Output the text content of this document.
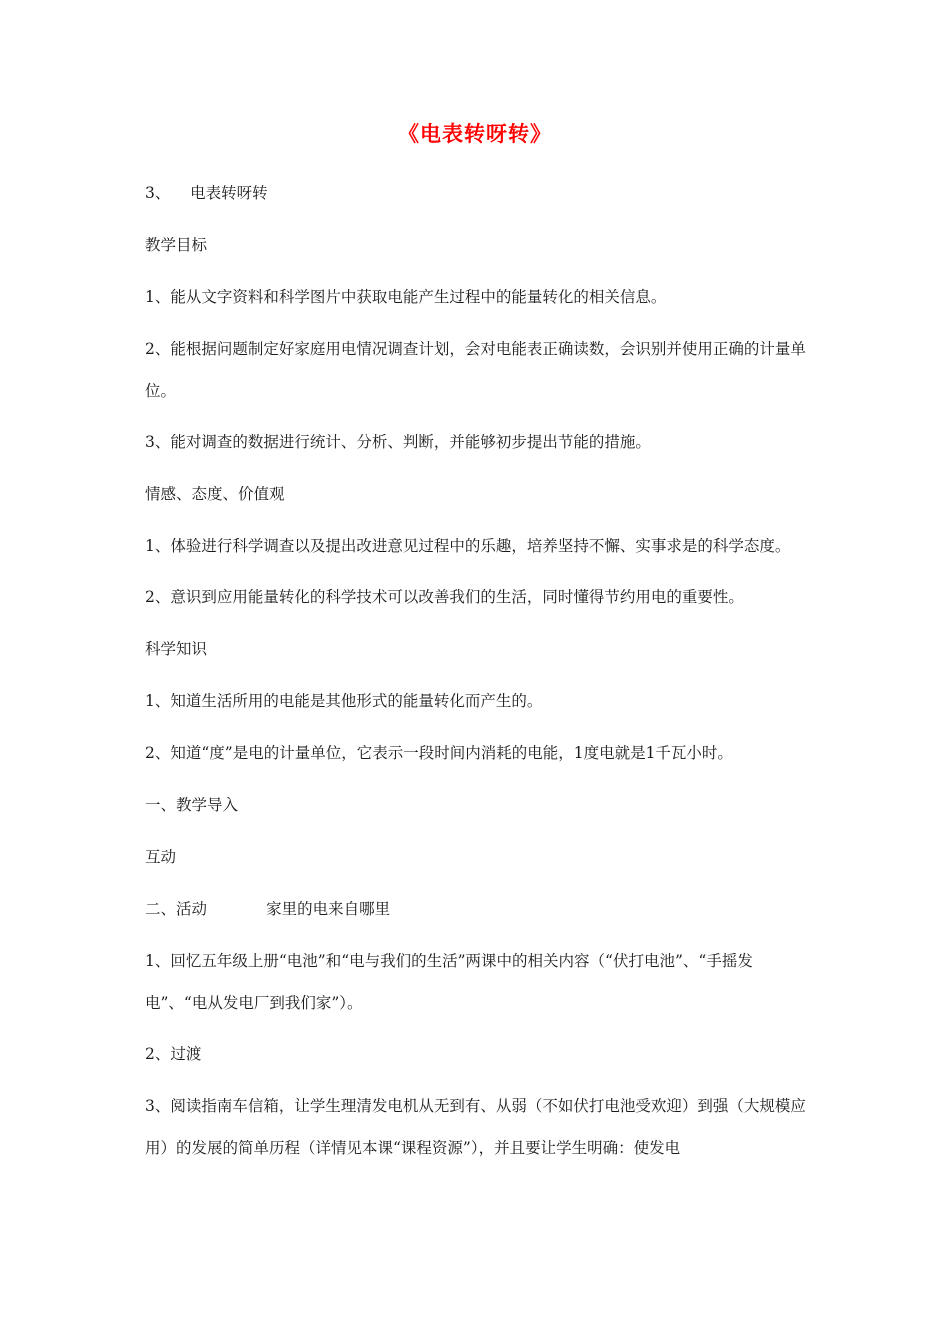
《电表转呀转》

3、    电表转呀转

教学目标

1、能从文字资料和科学图片中获取电能产生过程中的能量转化的相关信息。

2、能根据问题制定好家庭用电情况调查计划，会对电能表正确读数，会识别并使用正确的计量单位。

3、能对调查的数据进行统计、分析、判断，并能够初步提出节能的措施。

情感、态度、价值观

1、体验进行科学调查以及提出改进意见过程中的乐趣，培养坚持不懈、实事求是的科学态度。

2、意识到应用能量转化的科学技术可以改善我们的生活，同时懂得节约用电的重要性。

科学知识

1、知道生活所用的电能是其他形式的能量转化而产生的。

2、知道“度”是电的计量单位，它表示一段时间内消耗的电能，1度电就是1千瓦小时。

一、教学导入

互动

二、活动            家里的电来自哪里

1、回忆五年级上册“电池”和“电与我们的生活”两课中的相关内容（“伏打电池”、“手摇发电”、“电从发电厂到我们家”）。

2、过渡

3、阅读指南车信箱，让学生理清发电机从无到有、从弱（不如伏打电池受欢迎）到强（大规模应用）的发展的简单历程（详情见本课“课程资源”），并且要让学生明确：使发电
